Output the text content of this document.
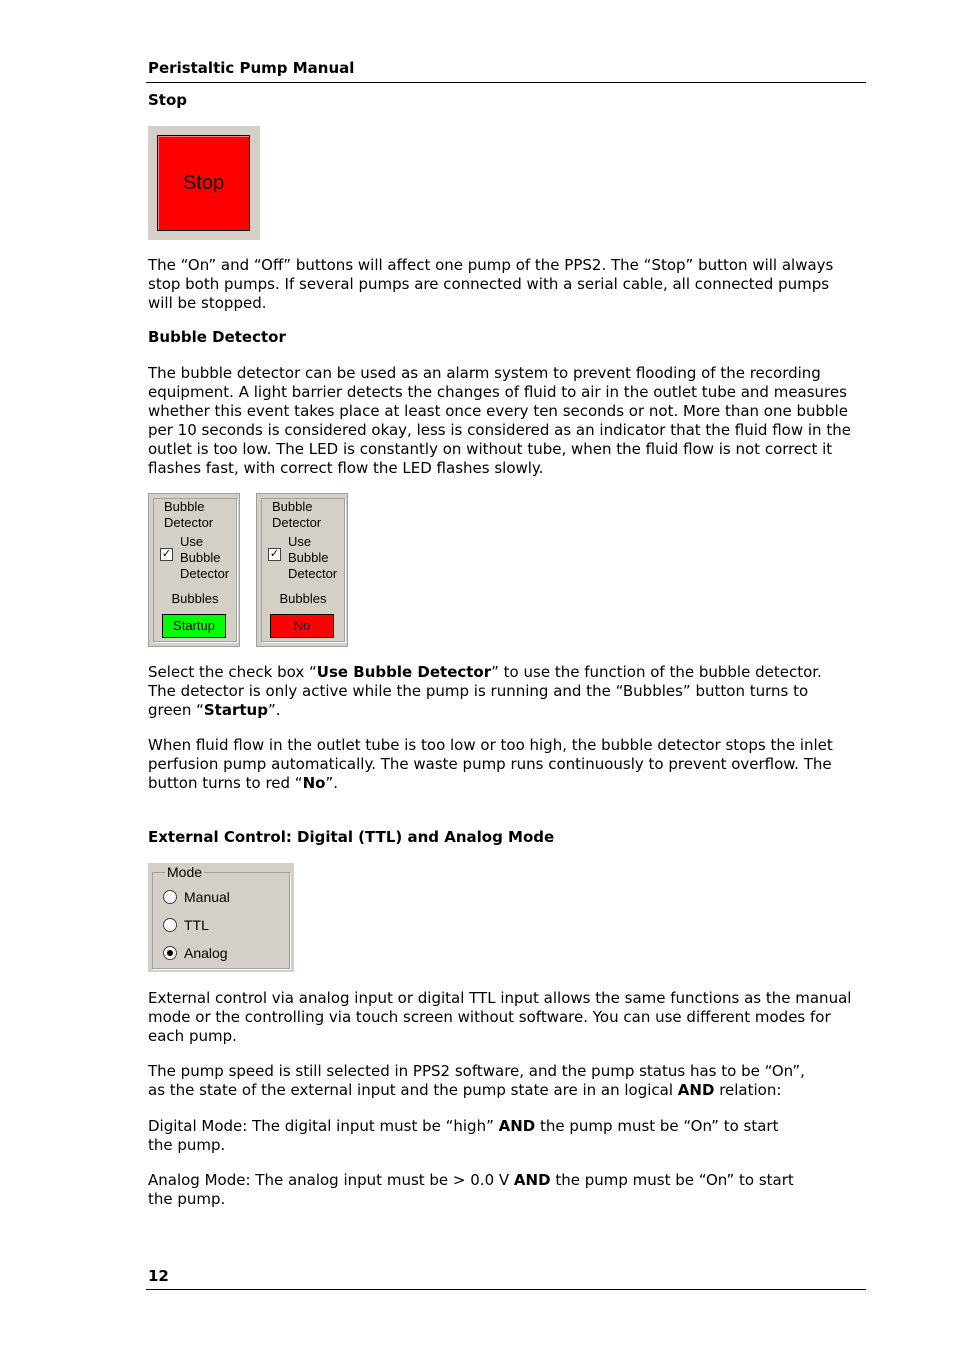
Peristaltic Pump Manual
Stop
Stop
The “On” and “Off” buttons will affect one pump of the PPS2. The “Stop” button will always stop both pumps. If several pumps are connected with a serial cable, all connected pumps will be stopped.
Bubble Detector
The bubble detector can be used as an alarm system to prevent flooding of the recording equipment. A light barrier detects the changes of fluid to air in the outlet tube and measures whether this event takes place at least once every ten seconds or not. More than one bubble per 10 seconds is considered okay, less is considered as an indicator that the fluid flow in the outlet is too low. The LED is constantly on without tube, when the fluid flow is not correct it flashes fast, with correct flow the LED flashes slowly.
Bubble Detector
✓
Use Bubble Detector
Bubbles
Startup
Bubble Detector
✓
Use Bubble Detector
Bubbles
No
Select the check box “Use Bubble Detector” to use the function of the bubble detector. The detector is only active while the pump is running and the “Bubbles” button turns to green “Startup”.
When fluid flow in the outlet tube is too low or too high, the bubble detector stops the inlet perfusion pump automatically. The waste pump runs continuously to prevent overflow. The button turns to red “No”.
External Control: Digital (TTL) and Analog Mode
Mode
Manual
TTL
Analog
External control via analog input or digital TTL input allows the same functions as the manual mode or the controlling via touch screen without software. You can use different modes for each pump.
The pump speed is still selected in PPS2 software, and the pump status has to be “On”,
as the state of the external input and the pump state are in an logical AND relation:
Digital Mode: The digital input must be “high” AND the pump must be “On” to start
the pump.
Analog Mode: The analog input must be > 0.0 V AND the pump must be “On” to start
the pump.
12
